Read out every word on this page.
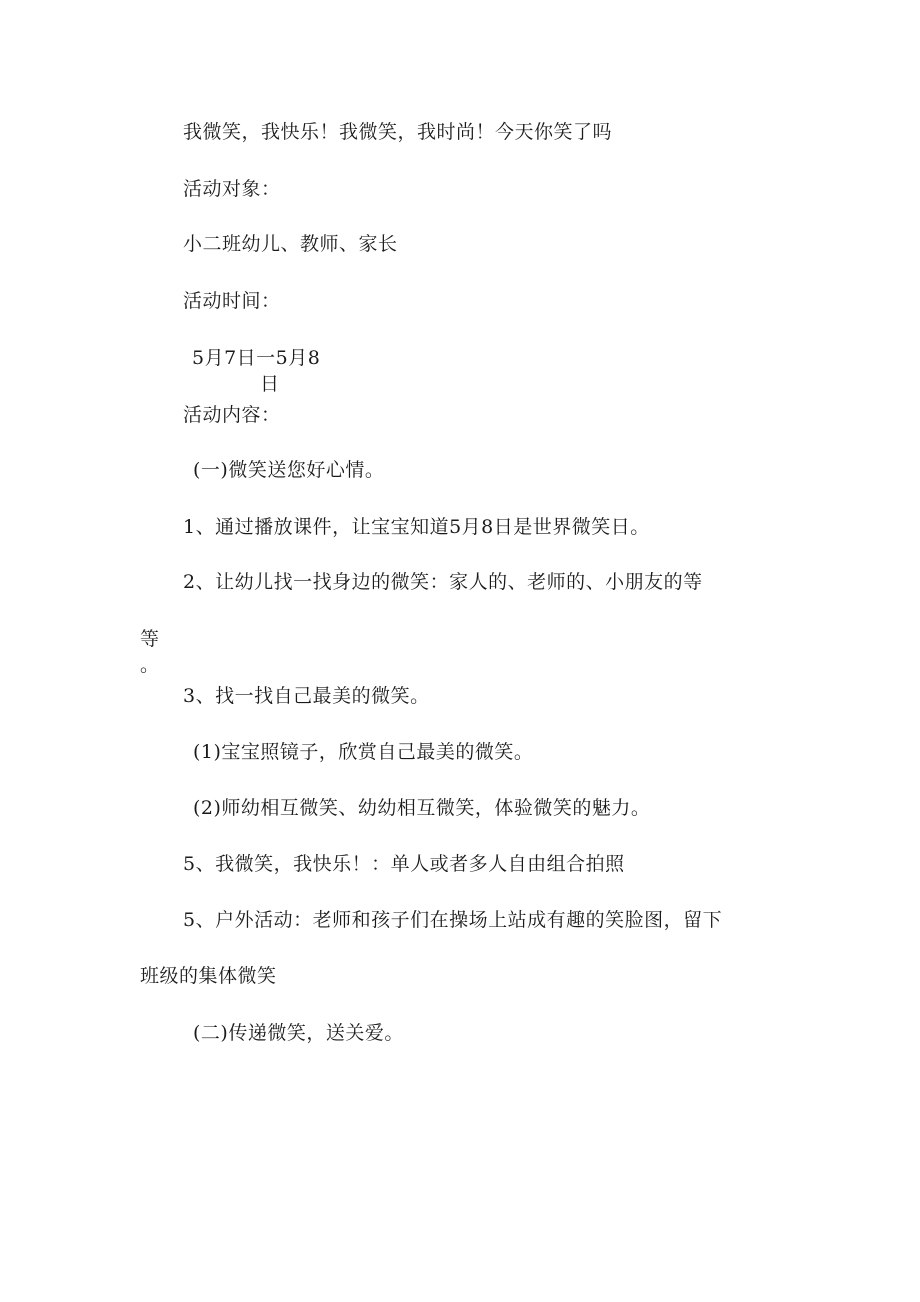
我微笑，我快乐！我微笑，我时尚！今天你笑了吗
活动对象：
小二班幼儿、教师、家长
活动时间：
5月7日一5月8
日
活动内容：
(一)微笑送您好心情。
1、通过播放课件，让宝宝知道5月8日是世界微笑日。
2、让幼儿找一找身边的微笑：家人的、老师的、小朋友的等
等
。
3、找一找自己最美的微笑。
(1)宝宝照镜子，欣赏自己最美的微笑。
(2)师幼相互微笑、幼幼相互微笑，体验微笑的魅力。
5、我微笑，我快乐！：单人或者多人自由组合拍照
5、户外活动：老师和孩子们在操场上站成有趣的笑脸图，留下
班级的集体微笑
(二)传递微笑，送关爱。
